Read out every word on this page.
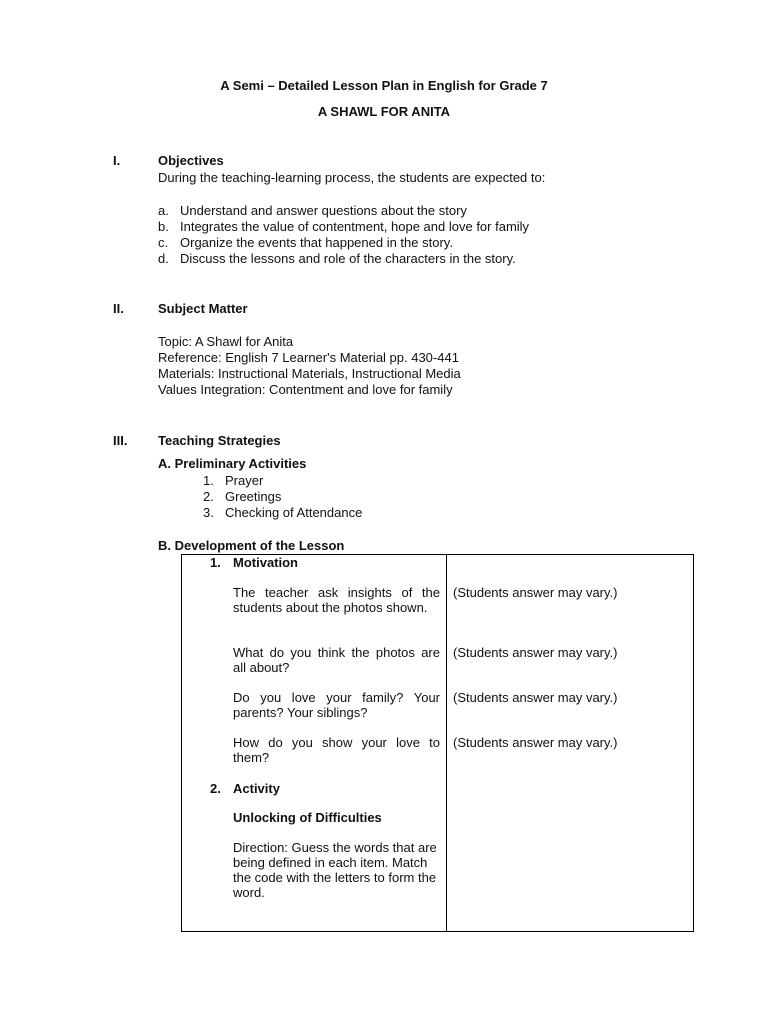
A Semi – Detailed Lesson Plan in English for Grade 7
A SHAWL FOR ANITA
I.	Objectives
During the teaching-learning process, the students are expected to:
a. Understand and answer questions about the story
b. Integrates the value of contentment, hope and love for family
c. Organize the events that happened in the story.
d. Discuss the lessons and role of the characters in the story.
II.	Subject Matter
Topic: A Shawl for Anita
Reference: English 7 Learner's Material pp. 430-441
Materials: Instructional Materials, Instructional Media
Values Integration: Contentment and love for family
III. Teaching Strategies
A. Preliminary Activities
1. Prayer
2. Greetings
3. Checking of Attendance
B. Development of the Lesson
1. Motivation
The teacher ask insights of the students about the photos shown.
(Students answer may vary.)
What do you think the photos are all about?
(Students answer may vary.)
Do you love your family? Your parents? Your siblings?
(Students answer may vary.)
How do you show your love to them?
(Students answer may vary.)
2. Activity
Unlocking of Difficulties
Direction: Guess the words that are being defined in each item. Match the code with the letters to form the word.
